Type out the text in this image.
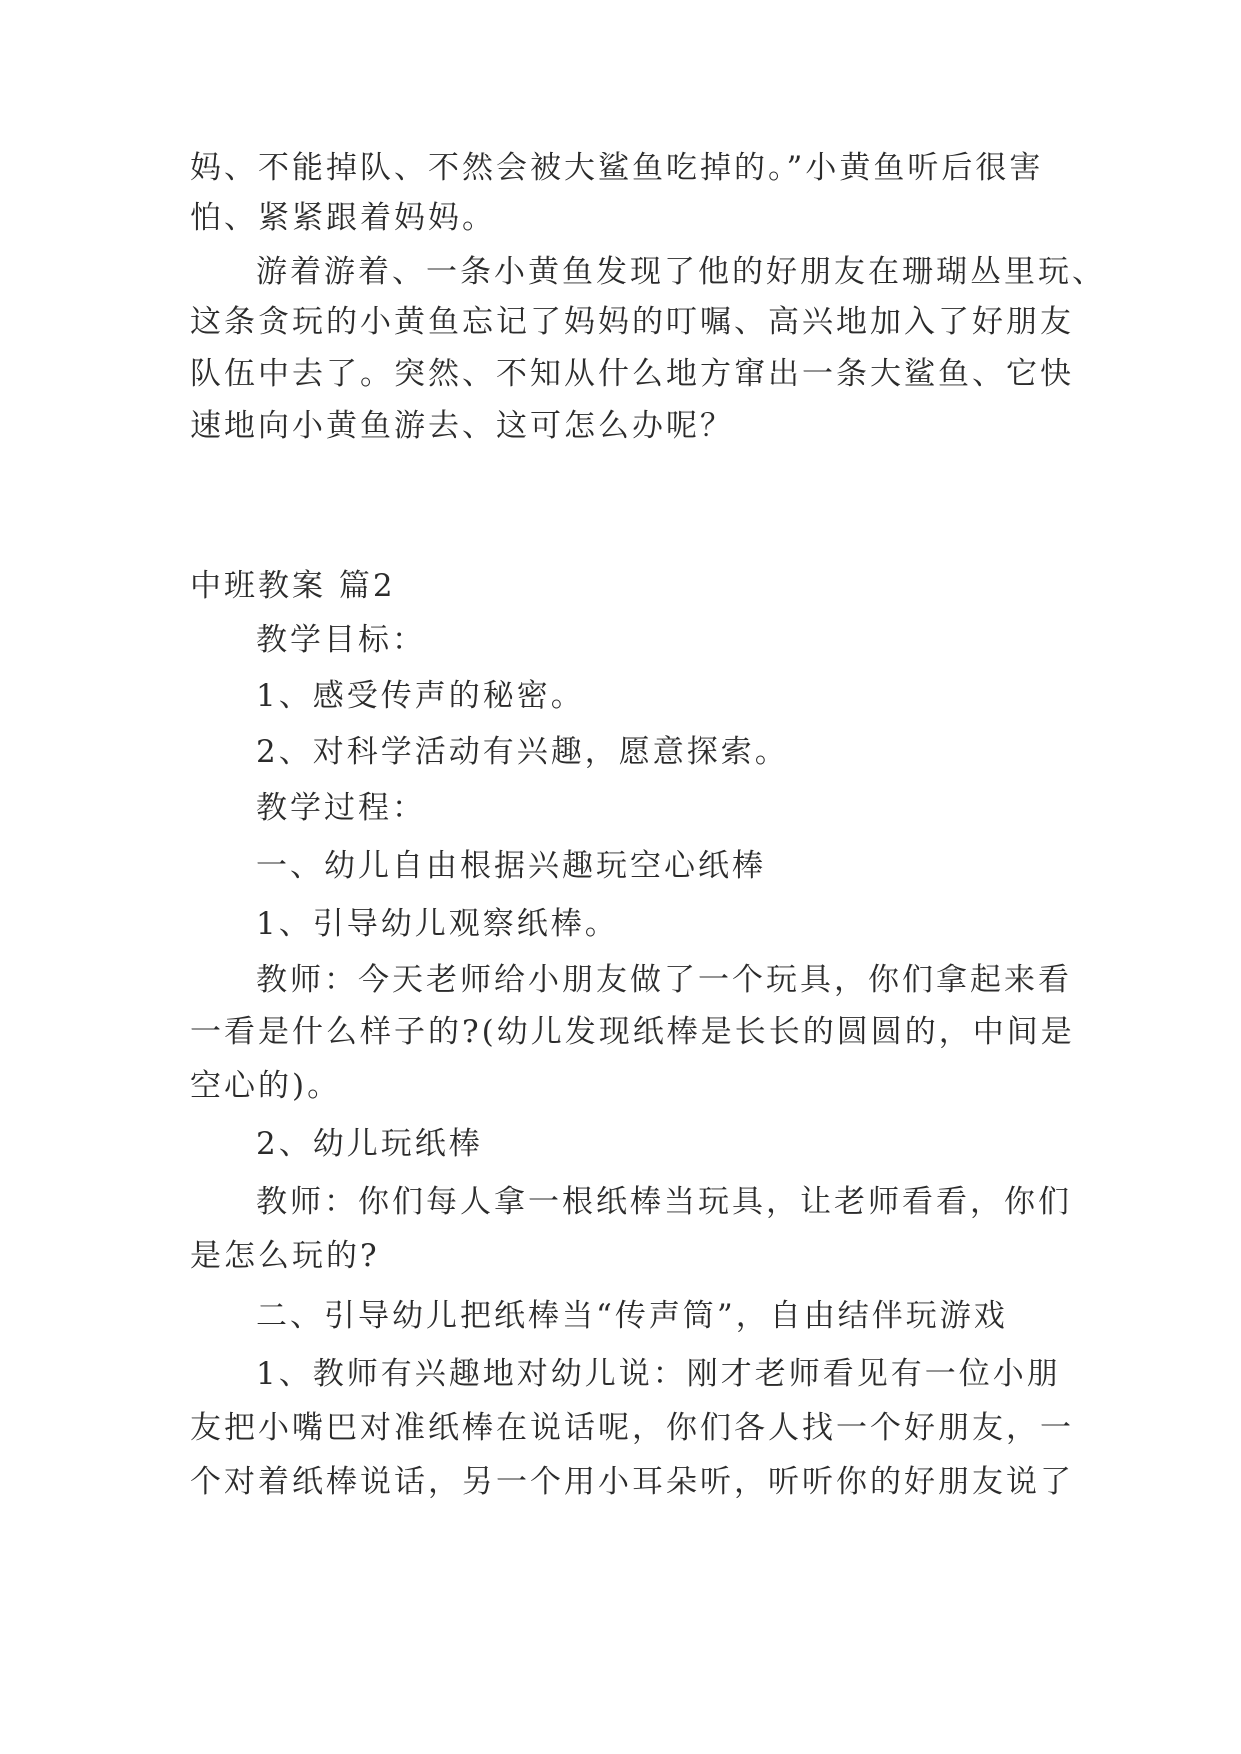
妈、不能掉队、不然会被大鲨鱼吃掉的。”小黄鱼听后很害
怕、紧紧跟着妈妈。
游着游着、一条小黄鱼发现了他的好朋友在珊瑚丛里玩、
这条贪玩的小黄鱼忘记了妈妈的叮嘱、高兴地加入了好朋友
队伍中去了。突然、不知从什么地方窜出一条大鲨鱼、它快
速地向小黄鱼游去、这可怎么办呢？
中班教案 篇2
教学目标：
1、感受传声的秘密。
2、对科学活动有兴趣，愿意探索。
教学过程：
一、幼儿自由根据兴趣玩空心纸棒
1、引导幼儿观察纸棒。
教师：今天老师给小朋友做了一个玩具，你们拿起来看
一看是什么样子的?(幼儿发现纸棒是长长的圆圆的，中间是
空心的)。
2、幼儿玩纸棒
教师：你们每人拿一根纸棒当玩具，让老师看看，你们
是怎么玩的?
二、引导幼儿把纸棒当“传声筒”，自由结伴玩游戏
1、教师有兴趣地对幼儿说：刚才老师看见有一位小朋
友把小嘴巴对准纸棒在说话呢，你们各人找一个好朋友，一
个对着纸棒说话，另一个用小耳朵听，听听你的好朋友说了
